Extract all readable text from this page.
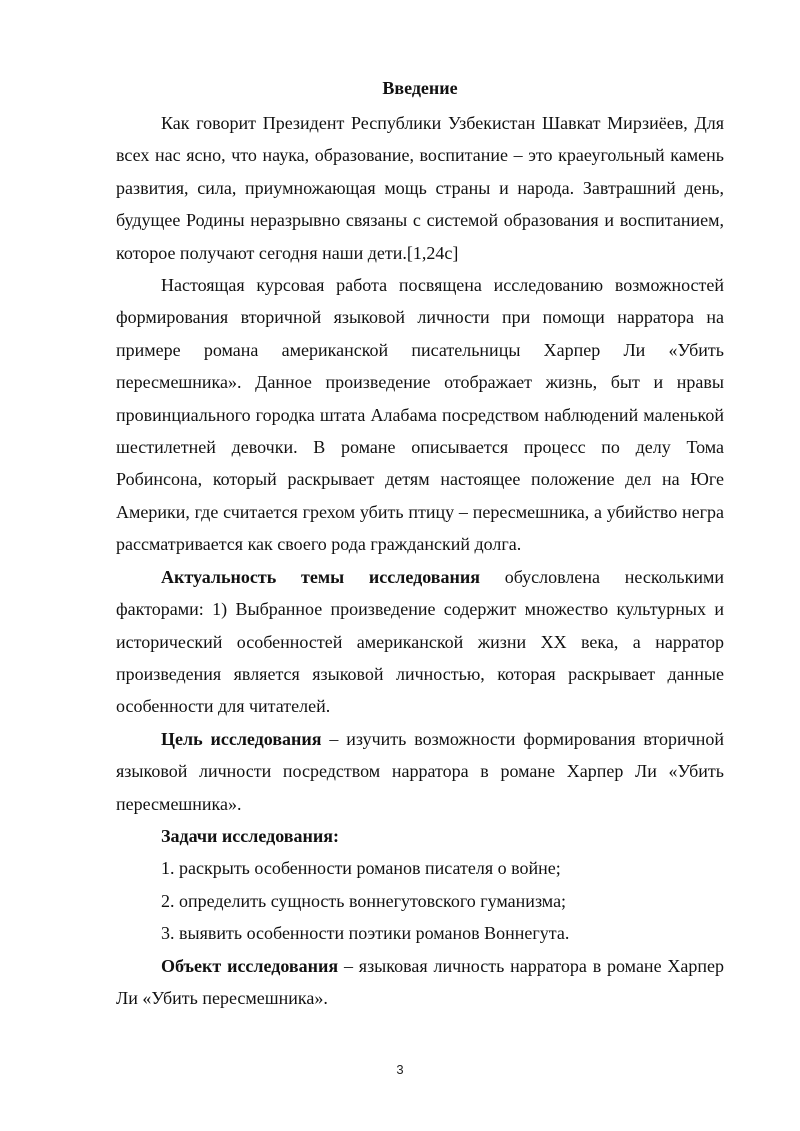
Введение

Как говорит Президент Республики Узбекистан Шавкат Мирзиёев, Для всех нас ясно, что наука, образование, воспитание – это краеугольный камень развития, сила, приумножающая мощь страны и народа. Завтрашний день, будущее Родины неразрывно связаны с системой образования и воспитанием, которое получают сегодня наши дети.[1,24с]

Настоящая курсовая работа посвящена исследованию возможностей формирования вторичной языковой личности при помощи нарратора на примере романа американской писательницы Харпер Ли «Убить пересмешника». Данное произведение отображает жизнь, быт и нравы провинциального городка штата Алабама посредством наблюдений маленькой шестилетней девочки. В романе описывается процесс по делу Тома Робинсона, который раскрывает детям настоящее положение дел на Юге Америки, где считается грехом убить птицу – пересмешника, а убийство негра рассматривается как своего рода гражданский долга.

Актуальность темы исследования обусловлена несколькими факторами: 1) Выбранное произведение содержит множество культурных и исторический особенностей американской жизни XX века, а нарратор произведения является языковой личностью, которая раскрывает данные особенности для читателей.

Цель исследования – изучить возможности формирования вторичной языковой личности посредством нарратора в романе Харпер Ли «Убить пересмешника».

Задачи исследования:

1. раскрыть особенности романов писателя о войне;

2. определить сущность воннегутовского гуманизма;

3. выявить особенности поэтики романов Воннегута.

Объект исследования – языковая личность нарратора в романе Харпер Ли «Убить пересмешника».

3
